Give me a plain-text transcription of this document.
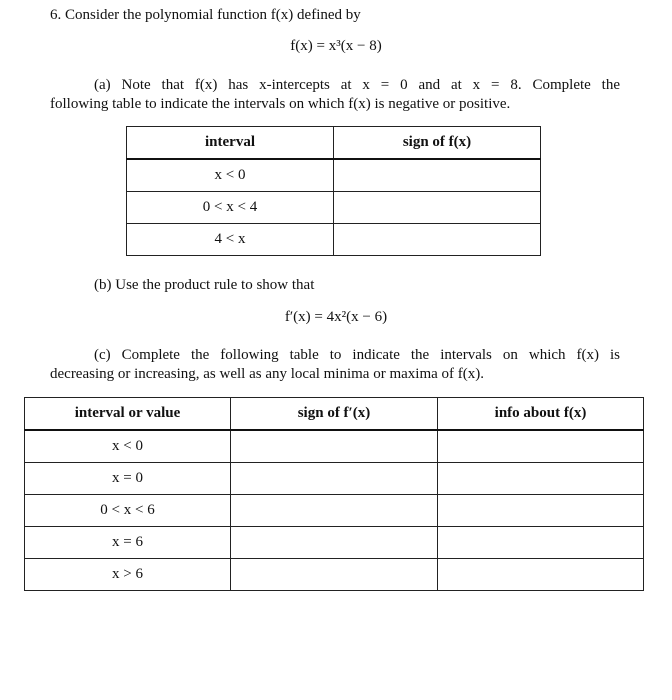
6. Consider the polynomial function f(x) defined by
f(x) = x³(x − 8)
(a) Note that f(x) has x-intercepts at x = 0 and at x = 8. Complete the
following table to indicate the intervals on which f(x) is negative or positive.
interval	sign of f(x)
x < 0	
0 < x < 4	
4 < x	
(b) Use the product rule to show that
f′(x) = 4x²(x − 6)
(c) Complete the following table to indicate the intervals on which f(x) is
decreasing or increasing, as well as any local minima or maxima of f(x).
interval or value	sign of f′(x)	info about f(x)
x < 0		
x = 0		
0 < x < 6		
x = 6		
x > 6		
